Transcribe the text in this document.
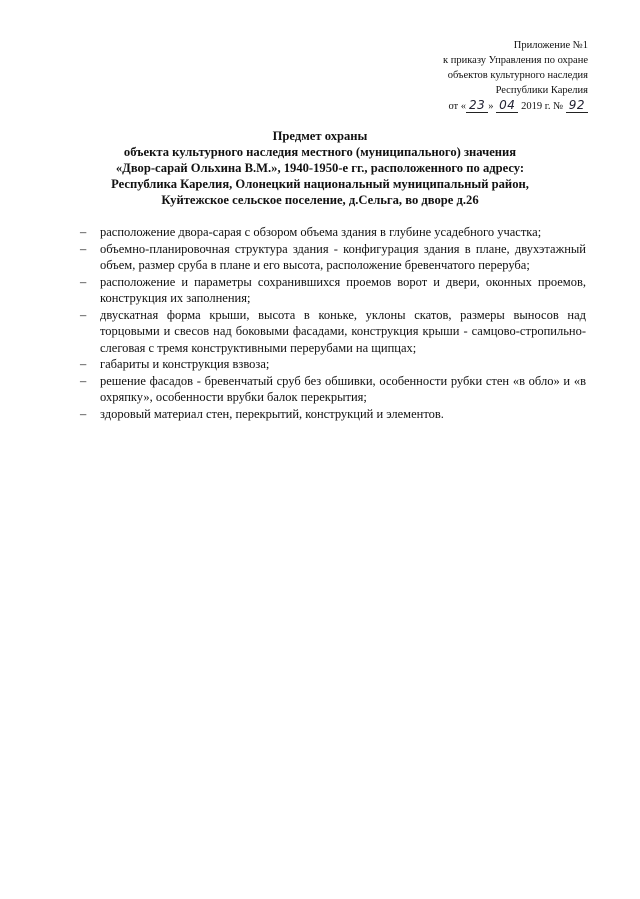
Приложение №1
к приказу Управления по охране
объектов культурного наследия
Республики Карелия
от « 23 » 04 2019 г. № 92
Предмет охраны
объекта культурного наследия местного (муниципального) значения
«Двор-сарай Ольхина В.М.», 1940-1950-е гг., расположенного по адресу:
Республика Карелия, Олонецкий национальный муниципальный район,
Куйтежское сельское поселение, д.Сельга, во дворе д.26
– расположение двора-сарая с обзором объема здания в глубине усадебного участка;
– объемно-планировочная структура здания - конфигурация здания в плане, двухэтажный объем, размер сруба в плане и его высота, расположение бревенчатого переруба;
– расположение и параметры сохранившихся проемов ворот и двери, оконных проемов, конструкция их заполнения;
– двускатная форма крыши, высота в коньке, уклоны скатов, размеры выносов над торцовыми и свесов над боковыми фасадами, конструкция крыши - самцово-стропильно-слеговая с тремя конструктивными перерубами на щипцах;
– габариты и конструкция взвоза;
– решение фасадов - бревенчатый сруб без обшивки, особенности рубки стен «в обло» и «в охряпку», особенности врубки балок перекрытия;
– здоровый материал стен, перекрытий, конструкций и элементов.
